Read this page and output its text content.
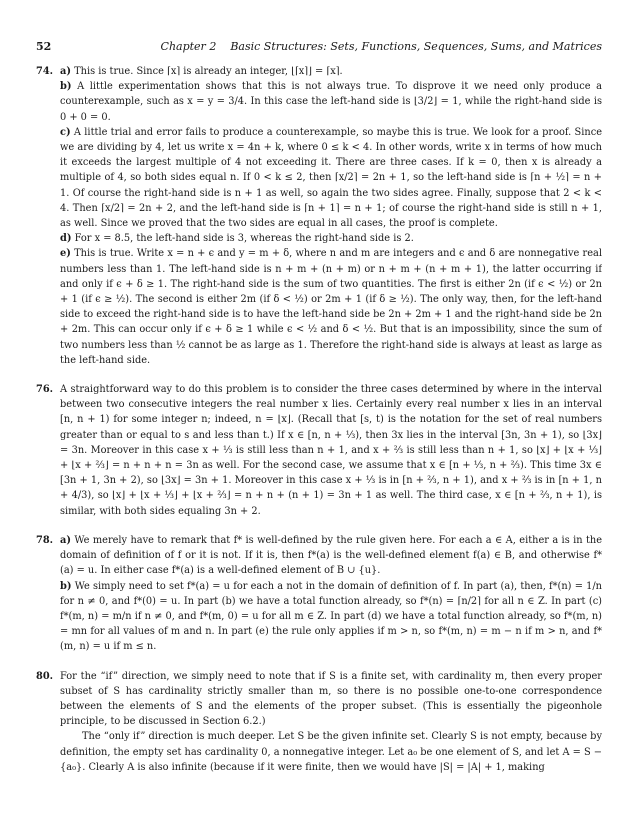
52	Chapter 2 Basic Structures: Sets, Functions, Sequences, Sums, and Matrices
74. a) This is true. Since ⌈x⌉ is already an integer, ⌊⌈x⌉⌋ = ⌈x⌉.
b) A little experimentation shows that this is not always true. To disprove it we need only produce a counterexample, such as x = y = 3/4. In this case the left-hand side is ⌊3/2⌋ = 1, while the right-hand side is 0 + 0 = 0.
c) A little trial and error fails to produce a counterexample, so maybe this is true. We look for a proof. Since we are dividing by 4, let us write x = 4n + k, where 0 ≤ k < 4. In other words, write x in terms of how much it exceeds the largest multiple of 4 not exceeding it. There are three cases. If k = 0, then x is already a multiple of 4, so both sides equal n. If 0 < k ≤ 2, then ⌈x/2⌉ = 2n + 1, so the left-hand side is ⌈n + ½⌉ = n + 1. Of course the right-hand side is n + 1 as well, so again the two sides agree. Finally, suppose that 2 < k < 4. Then ⌈x/2⌉ = 2n + 2, and the left-hand side is ⌈n + 1⌉ = n + 1; of course the right-hand side is still n + 1, as well. Since we proved that the two sides are equal in all cases, the proof is complete.
d) For x = 8.5, the left-hand side is 3, whereas the right-hand side is 2.
e) This is true. Write x = n + ϵ and y = m + δ, where n and m are integers and ϵ and δ are nonnegative real numbers less than 1. The left-hand side is n + m + (n + m) or n + m + (n + m + 1), the latter occurring if and only if ϵ + δ ≥ 1. The right-hand side is the sum of two quantities. The first is either 2n (if ϵ < ½) or 2n + 1 (if ϵ ≥ ½). The second is either 2m (if δ < ½) or 2m + 1 (if δ ≥ ½). The only way, then, for the left-hand side to exceed the right-hand side is to have the left-hand side be 2n + 2m + 1 and the right-hand side be 2n + 2m. This can occur only if ϵ + δ ≥ 1 while ϵ < ½ and δ < ½. But that is an impossibility, since the sum of two numbers less than ½ cannot be as large as 1. Therefore the right-hand side is always at least as large as the left-hand side.
76. A straightforward way to do this problem is to consider the three cases determined by where in the interval between two consecutive integers the real number x lies. Certainly every real number x lies in an interval [n, n + 1) for some integer n; indeed, n = ⌊x⌋. (Recall that [s, t) is the notation for the set of real numbers greater than or equal to s and less than t.) If x ∈ [n, n + ⅓), then 3x lies in the interval [3n, 3n + 1), so ⌊3x⌋ = 3n. Moreover in this case x + ⅓ is still less than n + 1, and x + ⅔ is still less than n + 1, so ⌊x⌋ + ⌊x + ⅓⌋ + ⌊x + ⅔⌋ = n + n + n = 3n as well. For the second case, we assume that x ∈ [n + ⅓, n + ⅔). This time 3x ∈ [3n + 1, 3n + 2), so ⌊3x⌋ = 3n + 1. Moreover in this case x + ⅓ is in [n + ⅔, n + 1), and x + ⅔ is in [n + 1, n + 4/3), so ⌊x⌋ + ⌊x + ⅓⌋ + ⌊x + ⅔⌋ = n + n + (n + 1) = 3n + 1 as well. The third case, x ∈ [n + ⅔, n + 1), is similar, with both sides equaling 3n + 2.
78. a) We merely have to remark that f* is well-defined by the rule given here. For each a ∈ A, either a is in the domain of definition of f or it is not. If it is, then f*(a) is the well-defined element f(a) ∈ B, and otherwise f*(a) = u. In either case f*(a) is a well-defined element of B ∪ {u}.
b) We simply need to set f*(a) = u for each a not in the domain of definition of f. In part (a), then, f*(n) = 1/n for n ≠ 0, and f*(0) = u. In part (b) we have a total function already, so f*(n) = ⌈n/2⌉ for all n ∈ Z. In part (c) f*(m, n) = m/n if n ≠ 0, and f*(m, 0) = u for all m ∈ Z. In part (d) we have a total function already, so f*(m, n) = mn for all values of m and n. In part (e) the rule only applies if m > n, so f*(m, n) = m − n if m > n, and f*(m, n) = u if m ≤ n.
80. For the “if” direction, we simply need to note that if S is a finite set, with cardinality m, then every proper subset of S has cardinality strictly smaller than m, so there is no possible one-to-one correspondence between the elements of S and the elements of the proper subset. (This is essentially the pigeonhole principle, to be discussed in Section 6.2.)
The “only if” direction is much deeper. Let S be the given infinite set. Clearly S is not empty, because by definition, the empty set has cardinality 0, a nonnegative integer. Let a₀ be one element of S, and let A = S − {a₀}. Clearly A is also infinite (because if it were finite, then we would have |S| = |A| + 1, making
